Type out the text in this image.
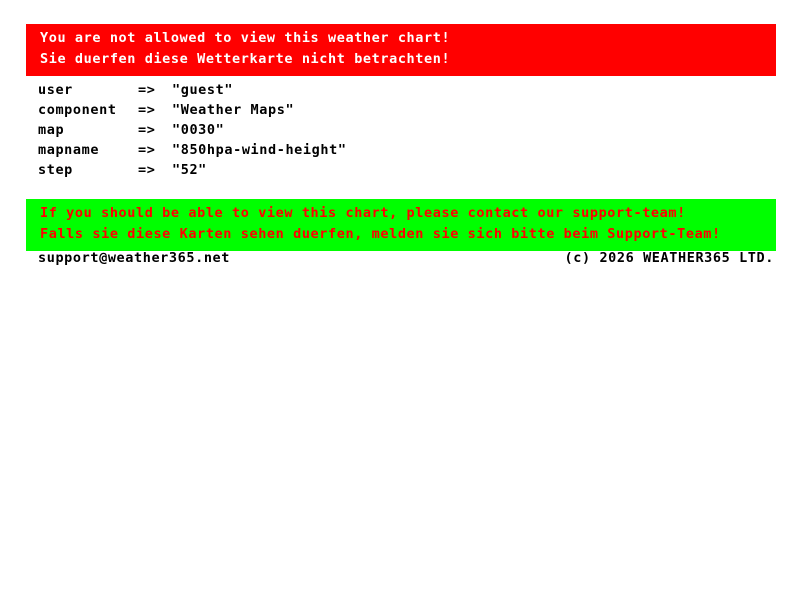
You are not allowed to view this weather chart!
Sie duerfen diese Wetterkarte nicht betrachten!
user	=>	"guest"
component	=>	"Weather Maps"
map	=>	"0030"
mapname	=>	"850hpa-wind-height"
step	=>	"52"
If you should be able to view this chart, please contact our support-team!
Falls sie diese Karten sehen duerfen, melden sie sich bitte beim Support-Team!
support@weather365.net	(c) 2026 WEATHER365 LTD.
